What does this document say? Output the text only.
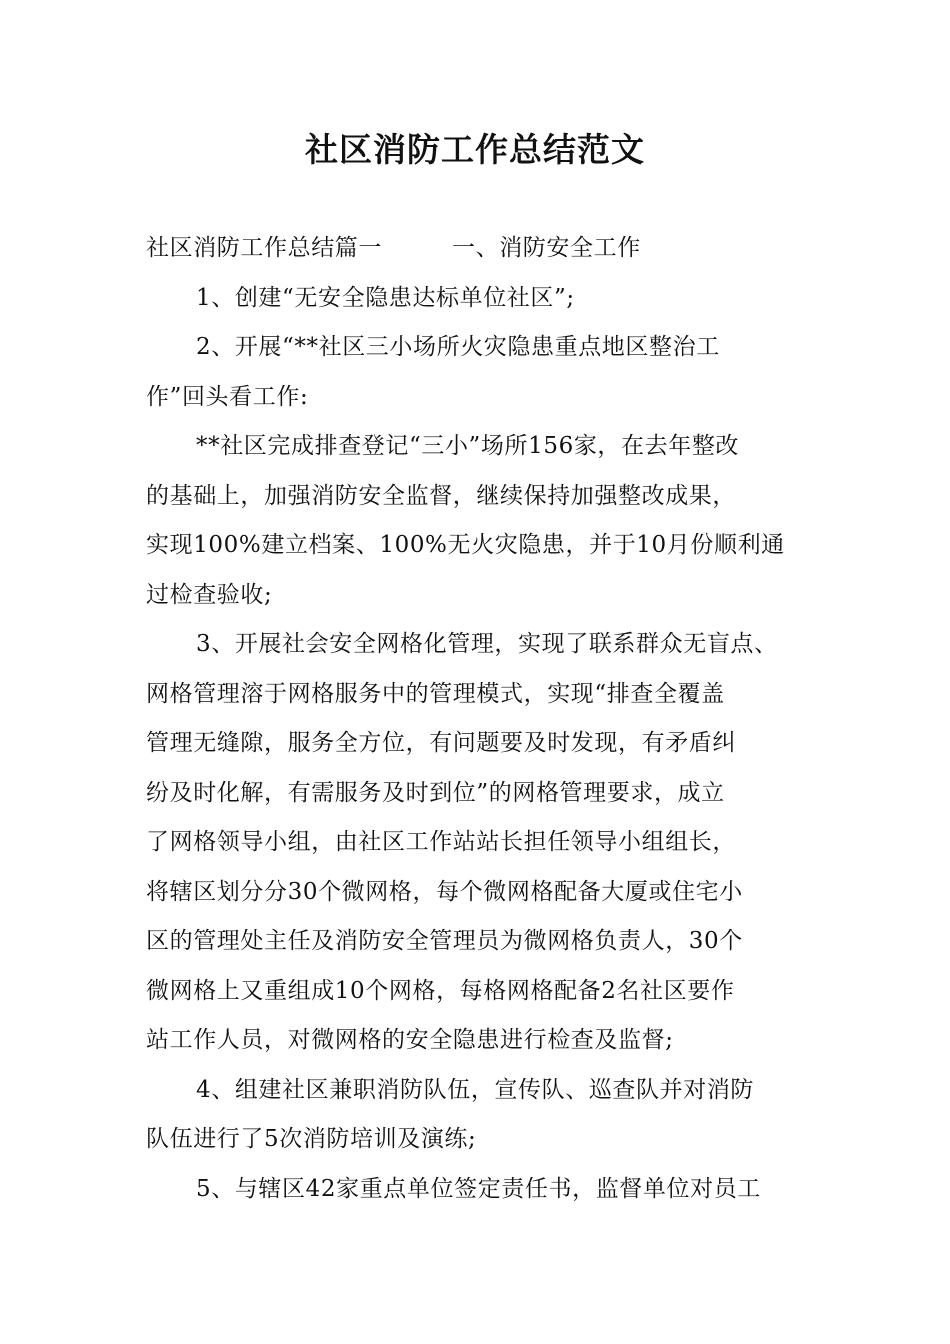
社区消防工作总结范文
社区消防工作总结篇一	一、消防安全工作
1、创建“无安全隐患达标单位社区”;
2、开展“**社区三小场所火灾隐患重点地区整治工
作”回头看工作:
**社区完成排查登记“三小”场所156家，在去年整改
的基础上，加强消防安全监督，继续保持加强整改成果，
实现100%建立档案、100%无火灾隐患，并于10月份顺利通
过检查验收;
3、开展社会安全网格化管理，实现了联系群众无盲点、
网格管理溶于网格服务中的管理模式，实现“排查全覆盖
管理无缝隙，服务全方位，有问题要及时发现，有矛盾纠
纷及时化解，有需服务及时到位”的网格管理要求，成立
了网格领导小组，由社区工作站站长担任领导小组组长，
将辖区划分分30个微网格，每个微网格配备大厦或住宅小
区的管理处主任及消防安全管理员为微网格负责人，30个
微网格上又重组成10个网格，每格网格配备2名社区要作
站工作人员，对微网格的安全隐患进行检查及监督;
4、组建社区兼职消防队伍，宣传队、巡查队并对消防
队伍进行了5次消防培训及演练;
5、与辖区42家重点单位签定责任书，监督单位对员工
